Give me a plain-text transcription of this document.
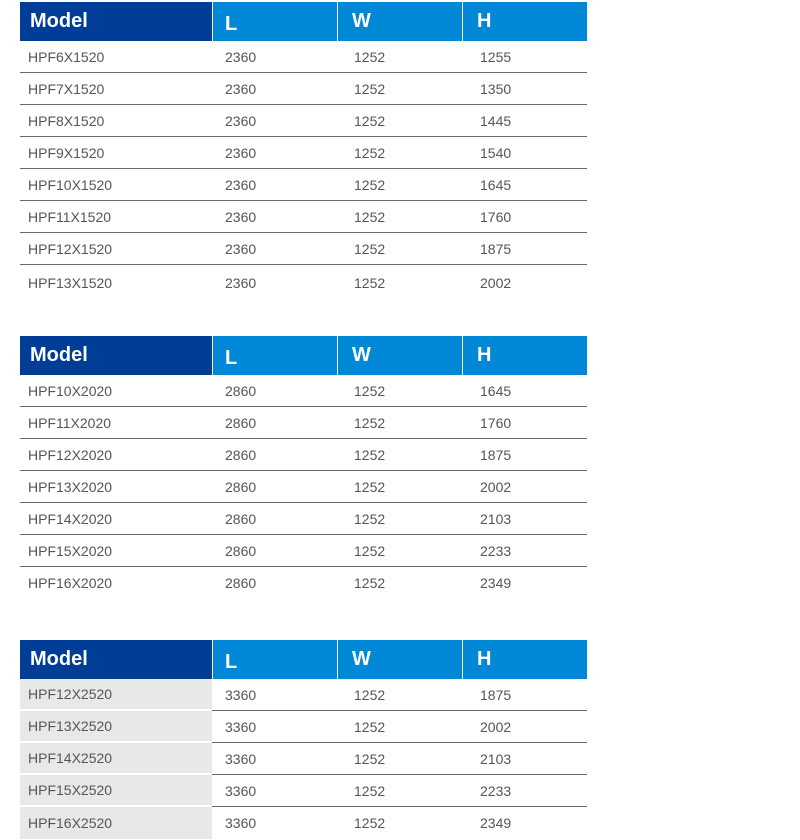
Model	L	W	H
HPF6X1520	2360	1252	1255
HPF7X1520	2360	1252	1350
HPF8X1520	2360	1252	1445
HPF9X1520	2360	1252	1540
HPF10X1520	2360	1252	1645
HPF11X1520	2360	1252	1760
HPF12X1520	2360	1252	1875
HPF13X1520	2360	1252	2002
Model	L	W	H
HPF10X2020	2860	1252	1645
HPF11X2020	2860	1252	1760
HPF12X2020	2860	1252	1875
HPF13X2020	2860	1252	2002
HPF14X2020	2860	1252	2103
HPF15X2020	2860	1252	2233
HPF16X2020	2860	1252	2349
Model	L	W	H
HPF12X2520	3360	1252	1875
HPF13X2520	3360	1252	2002
HPF14X2520	3360	1252	2103
HPF15X2520	3360	1252	2233
HPF16X2520	3360	1252	2349
